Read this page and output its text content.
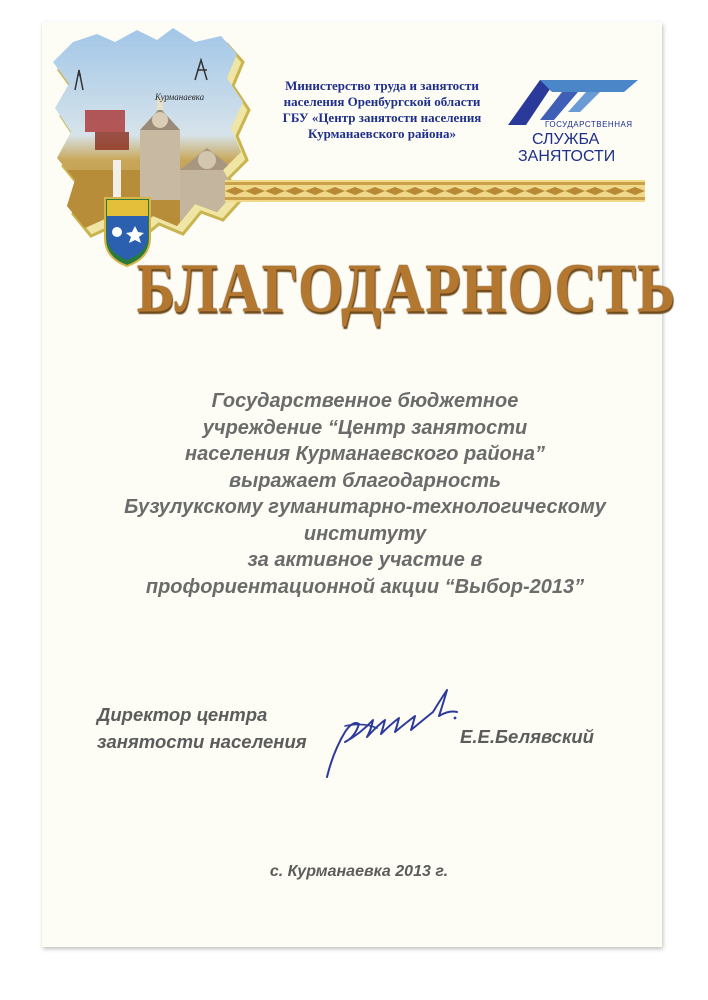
Курманаевка
Министерство труда и занятости
населения Оренбургской области
ГБУ «Центр занятости населения
Курманаевского района»
ГОСУДАРСТВЕННАЯ
СЛУЖБА
ЗАНЯТОСТИ
БЛАГОДАРНОСТЬ
Государственное бюджетное
учреждение “Центр занятости
населения Курманаевского района”
выражает благодарность
Бузулукскому гуманитарно-технологическому
институту
за активное участие в
профориентационной акции “Выбор-2013”
Директор центра
занятости населения	Е.Е.Белявский
с. Курманаевка 2013 г.
